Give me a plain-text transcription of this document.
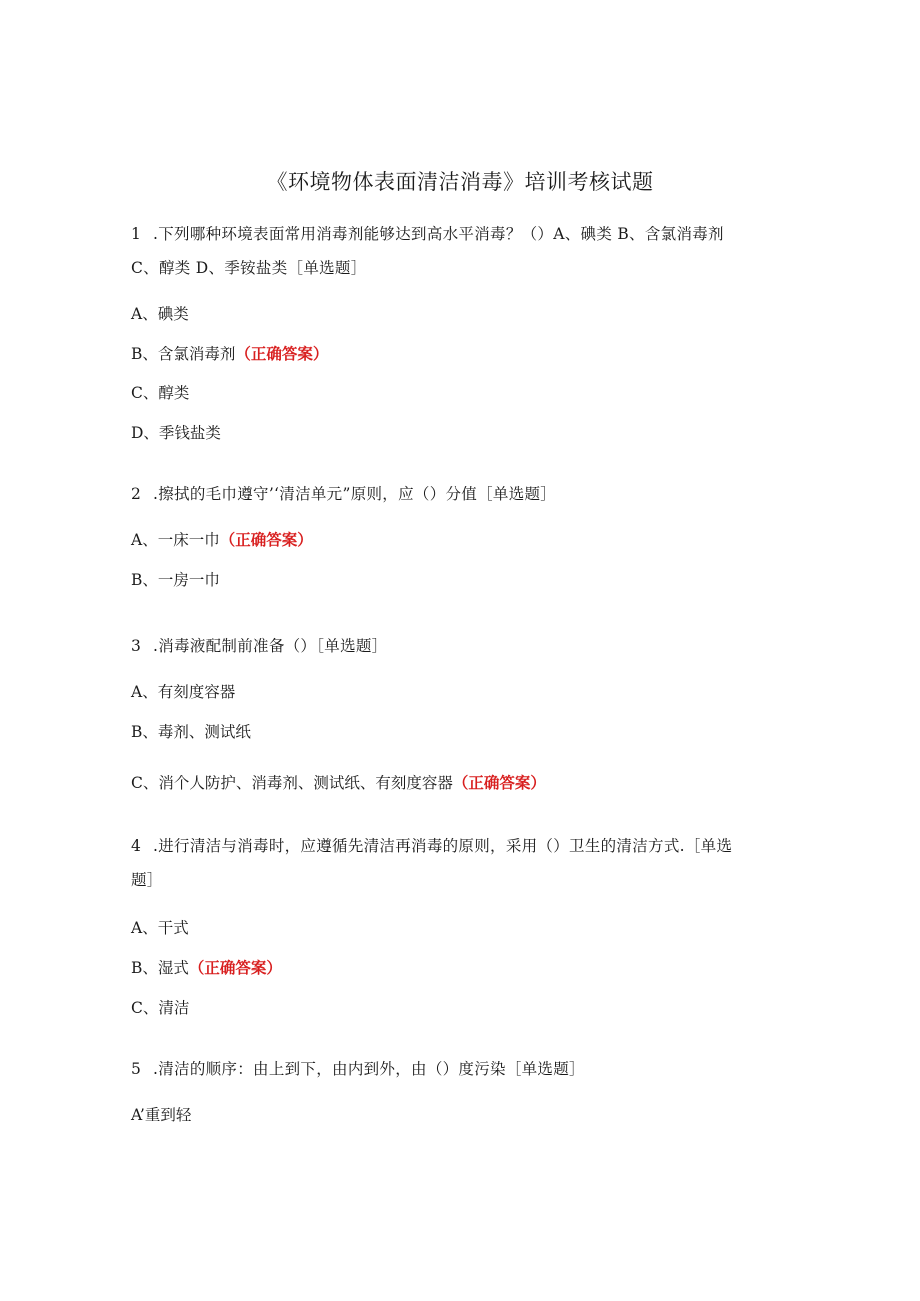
《环境物体表面清洁消毒》培训考核试题
1 .下列哪种环境表面常用消毒剂能够达到高水平消毒？（）A、碘类 B、含氯消毒剂
C、醇类 D、季铵盐类［单选题］
A、碘类
B、含氯消毒剂（正确答案）
C、醇类
D、季钱盐类
2 .擦拭的毛巾遵守’‘清洁单元”原则，应（）分值［单选题］
A、一床一巾（正确答案）
B、一房一巾
3 .消毒液配制前准备（）［单选题］
A、有刻度容器
B、毒剂、测试纸
C、消个人防护、消毒剂、测试纸、有刻度容器（正确答案）
4 .进行清洁与消毒时，应遵循先清洁再消毒的原则，采用（）卫生的清洁方式.［单选
题］
A、干式
B、湿式（正确答案）
C、清洁
5 .清洁的顺序：由上到下，由内到外，由（）度污染［单选题］
A’重到轻
